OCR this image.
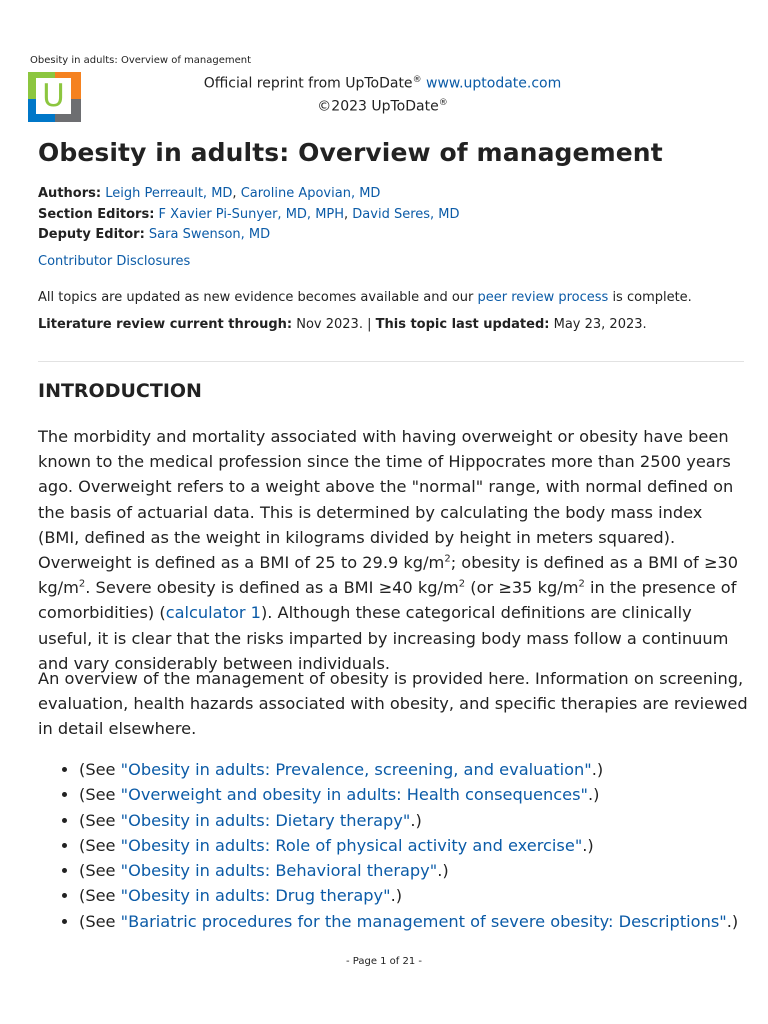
Obesity in adults: Overview of management
U	Official reprint from UpToDate® www.uptodate.com
©2023 UpToDate®
Obesity in adults: Overview of management
Authors: Leigh Perreault, MD, Caroline Apovian, MD
Section Editors: F Xavier Pi-Sunyer, MD, MPH, David Seres, MD
Deputy Editor: Sara Swenson, MD
Contributor Disclosures
All topics are updated as new evidence becomes available and our peer review process is complete.
Literature review current through: Nov 2023. | This topic last updated: May 23, 2023.
INTRODUCTION

The morbidity and mortality associated with having overweight or obesity have been known to the medical profession since the time of Hippocrates more than 2500 years ago. Overweight refers to a weight above the "normal" range, with normal defined on the basis of actuarial data. This is determined by calculating the body mass index (BMI, defined as the weight in kilograms divided by height in meters squared). Overweight is defined as a BMI of 25 to 29.9 $kg/m^2$; obesity is defined as a BMI of ≥30 $kg/m^2$. Severe obesity is defined as a BMI ≥40 $kg/m^2$ (or ≥35 $kg/m^2$ in the presence of comorbidities) (calculator 1). Although these categorical definitions are clinically useful, it is clear that the risks imparted by increasing body mass follow a continuum and vary considerably between individuals.

An overview of the management of obesity is provided here. Information on screening, evaluation, health hazards associated with obesity, and specific therapies are reviewed in detail elsewhere.

• (See "Obesity in adults: Prevalence, screening, and evaluation".)
• (See "Overweight and obesity in adults: Health consequences".)
• (See "Obesity in adults: Dietary therapy".)
• (See "Obesity in adults: Role of physical activity and exercise".)
• (See "Obesity in adults: Behavioral therapy".)
• (See "Obesity in adults: Drug therapy".)
• (See "Bariatric procedures for the management of severe obesity: Descriptions".)
- Page 1 of 21 -
